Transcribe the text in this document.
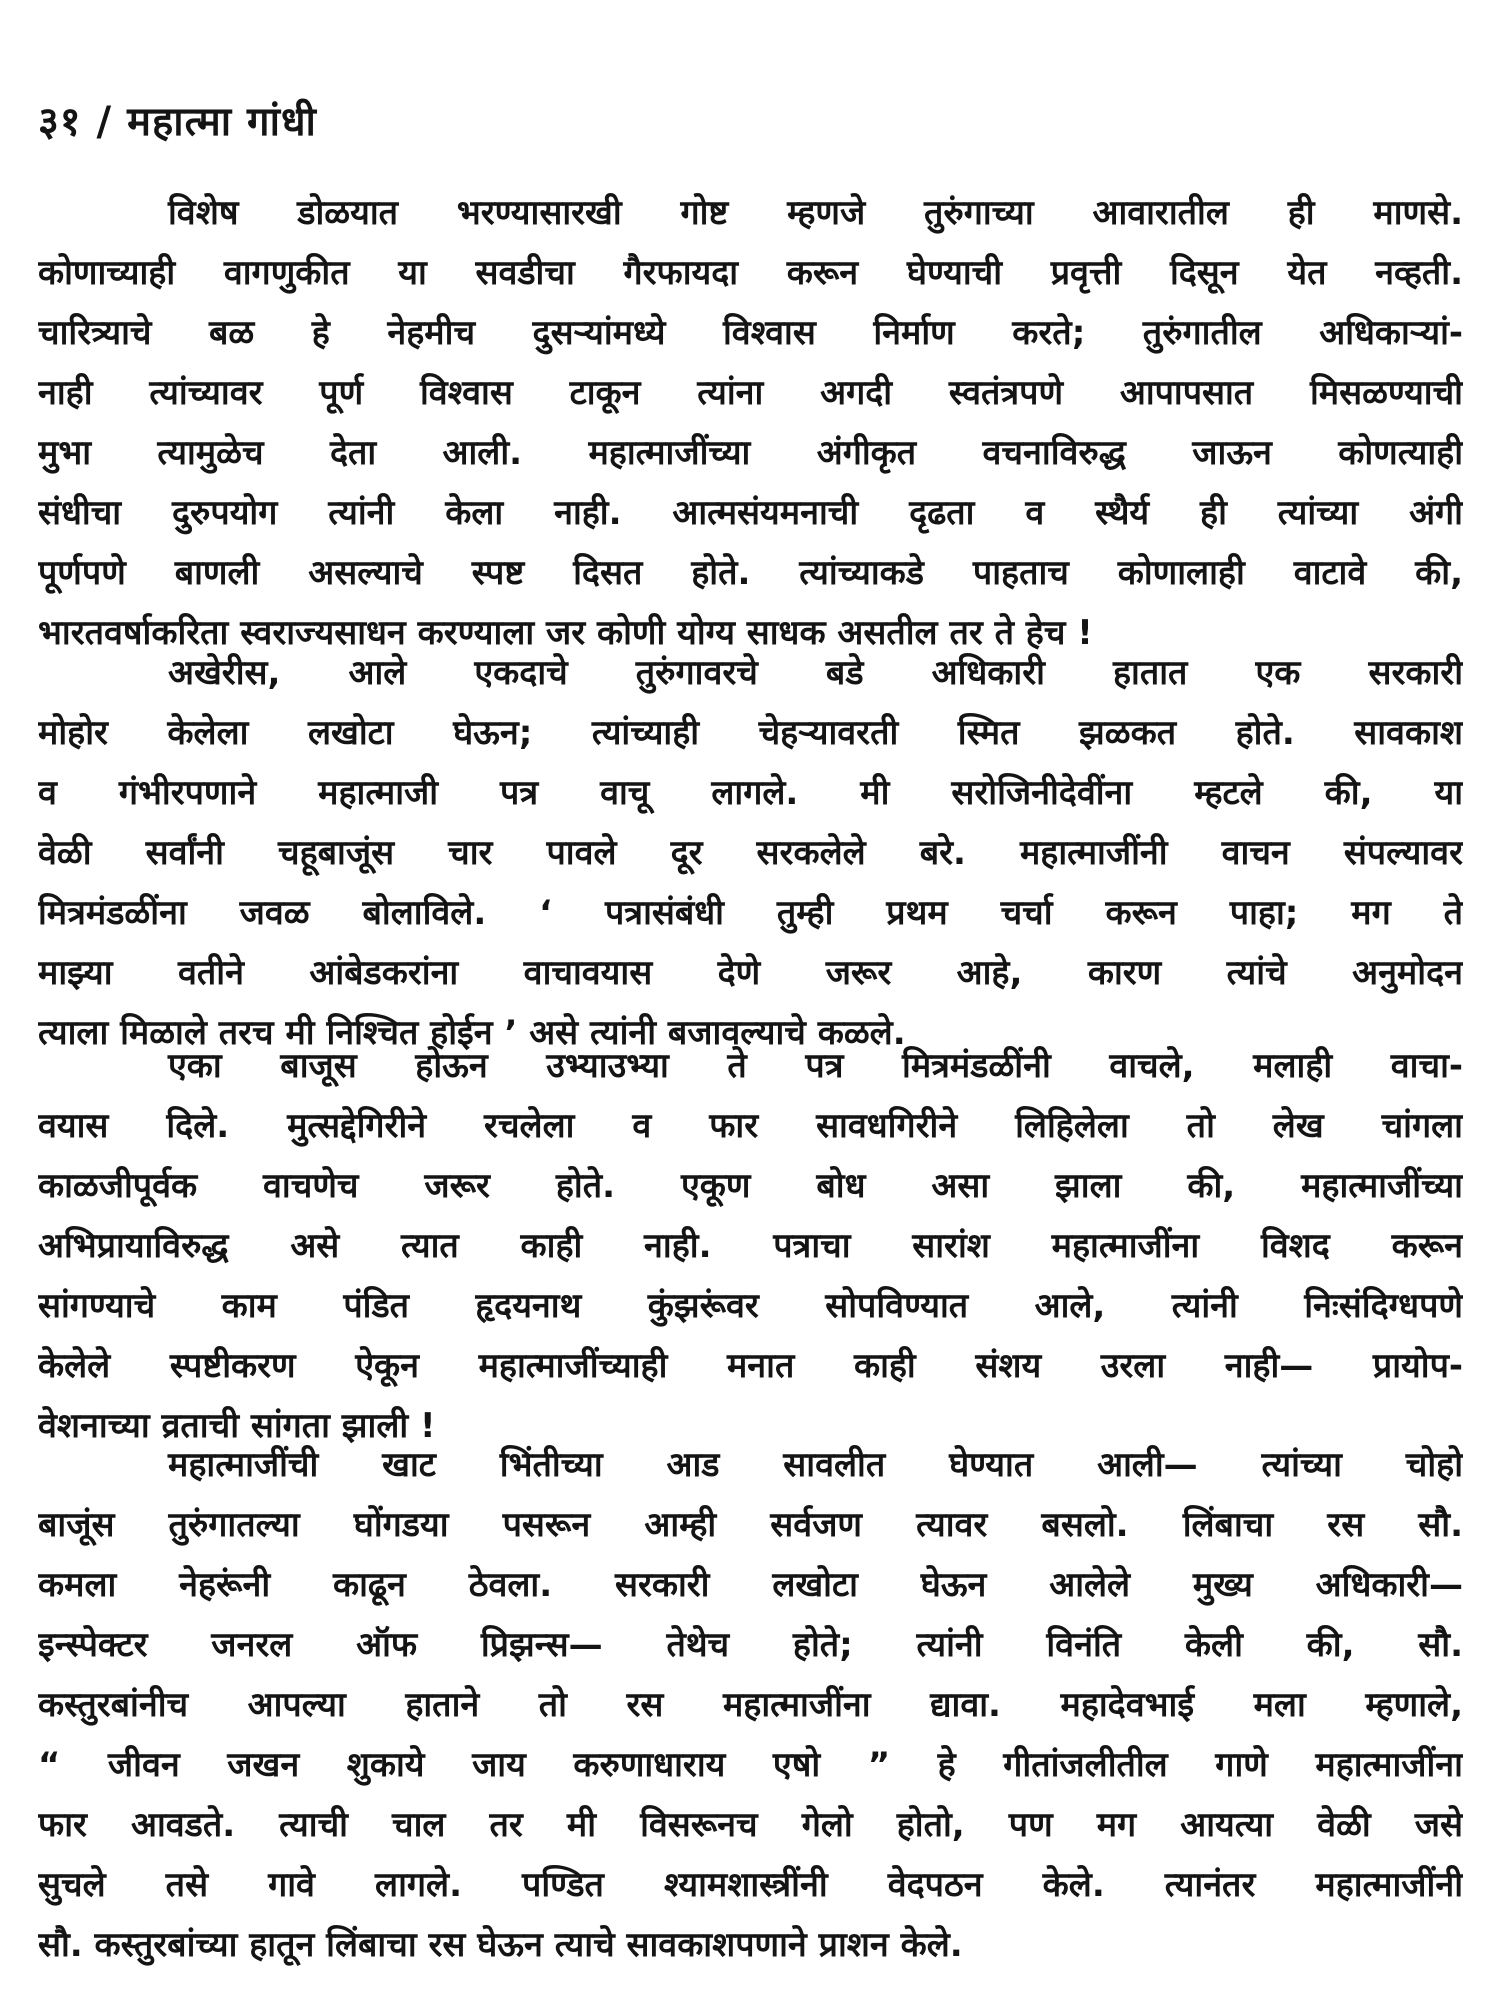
३१ / महात्मा गांधी
विशेष डोळयात भरण्यासारखी गोष्ट म्हणजे तुरुंगाच्या आवारातील ही माणसे.
कोणाच्याही वागणुकीत या सवडीचा गैरफायदा करून घेण्याची प्रवृत्ती दिसून येत नव्हती.
चारित्र्याचे बळ हे नेहमीच दुसऱ्यांमध्ये विश्वास निर्माण करते; तुरुंगातील अधिकाऱ्यां-
नाही त्यांच्यावर पूर्ण विश्वास टाकून त्यांना अगदी स्वतंत्रपणे आपापसात मिसळण्याची
मुभा त्यामुळेच देता आली. महात्माजींच्या अंगीकृत वचनाविरुद्ध जाऊन कोणत्याही
संधीचा दुरुपयोग त्यांनी केला नाही. आत्मसंयमनाची दृढता व स्थैर्य ही त्यांच्या अंगी
पूर्णपणे बाणली असल्याचे स्पष्ट दिसत होते. त्यांच्याकडे पाहताच कोणालाही वाटावे की,
भारतवर्षाकरिता स्वराज्यसाधन करण्याला जर कोणी योग्य साधक असतील तर ते हेच !
अखेरीस, आले एकदाचे तुरुंगावरचे बडे अधिकारी हातात एक सरकारी
मोहोर केलेला लखोटा घेऊन; त्यांच्याही चेहऱ्यावरती स्मित झळकत होते. सावकाश
व गंभीरपणाने महात्माजी पत्र वाचू लागले. मी सरोजिनीदेवींना म्हटले की, या
वेळी सर्वांनी चहूबाजूंस चार पावले दूर सरकलेले बरे. महात्माजींनी वाचन संपल्यावर
मित्रमंडळींना जवळ बोलाविले. ‘ पत्रासंबंधी तुम्ही प्रथम चर्चा करून पाहा; मग ते
माझ्या वतीने आंबेडकरांना वाचावयास देणे जरूर आहे, कारण त्यांचे अनुमोदन
त्याला मिळाले तरच मी निश्चित होईन ’ असे त्यांनी बजावल्याचे कळले.
एका बाजूस होऊन उभ्याउभ्या ते पत्र मित्रमंडळींनी वाचले, मलाही वाचा-
वयास दिले. मुत्सद्देगिरीने रचलेला व फार सावधगिरीने लिहिलेला तो लेख चांगला
काळजीपूर्वक वाचणेच जरूर होते. एकूण बोध असा झाला की, महात्माजींच्या
अभिप्रायाविरुद्ध असे त्यात काही नाही. पत्राचा सारांश महात्माजींना विशद करून
सांगण्याचे काम पंडित हृदयनाथ कुंझरूंवर सोपविण्यात आले, त्यांनी निःसंदिग्धपणे
केलेले स्पष्टीकरण ऐकून महात्माजींच्याही मनात काही संशय उरला नाही— प्रायोप-
वेशनाच्या व्रताची सांगता झाली !
महात्माजींची खाट भिंतीच्या आड सावलीत घेण्यात आली— त्यांच्या चोहो
बाजूंस तुरुंगातल्या घोंगडया पसरून आम्ही सर्वजण त्यावर बसलो. लिंबाचा रस सौ.
कमला नेहरूंनी काढून ठेवला. सरकारी लखोटा घेऊन आलेले मुख्य अधिकारी—
इन्स्पेक्टर जनरल ऑफ प्रिझन्स— तेथेच होते; त्यांनी विनंति केली की, सौ.
कस्तुरबांनीच आपल्या हाताने तो रस महात्माजींना द्यावा. महादेवभाई मला म्हणाले,
“ जीवन जखन शुकाये जाय करुणाधाराय एषो ” हे गीतांजलीतील गाणे महात्माजींना
फार आवडते. त्याची चाल तर मी विसरूनच गेलो होतो, पण मग आयत्या वेळी जसे
सुचले तसे गावे लागले. पण्डित श्यामशास्त्रींनी वेदपठन केले. त्यानंतर महात्माजींनी
सौ. कस्तुरबांच्या हातून लिंबाचा रस घेऊन त्याचे सावकाशपणाने प्राशन केले.
